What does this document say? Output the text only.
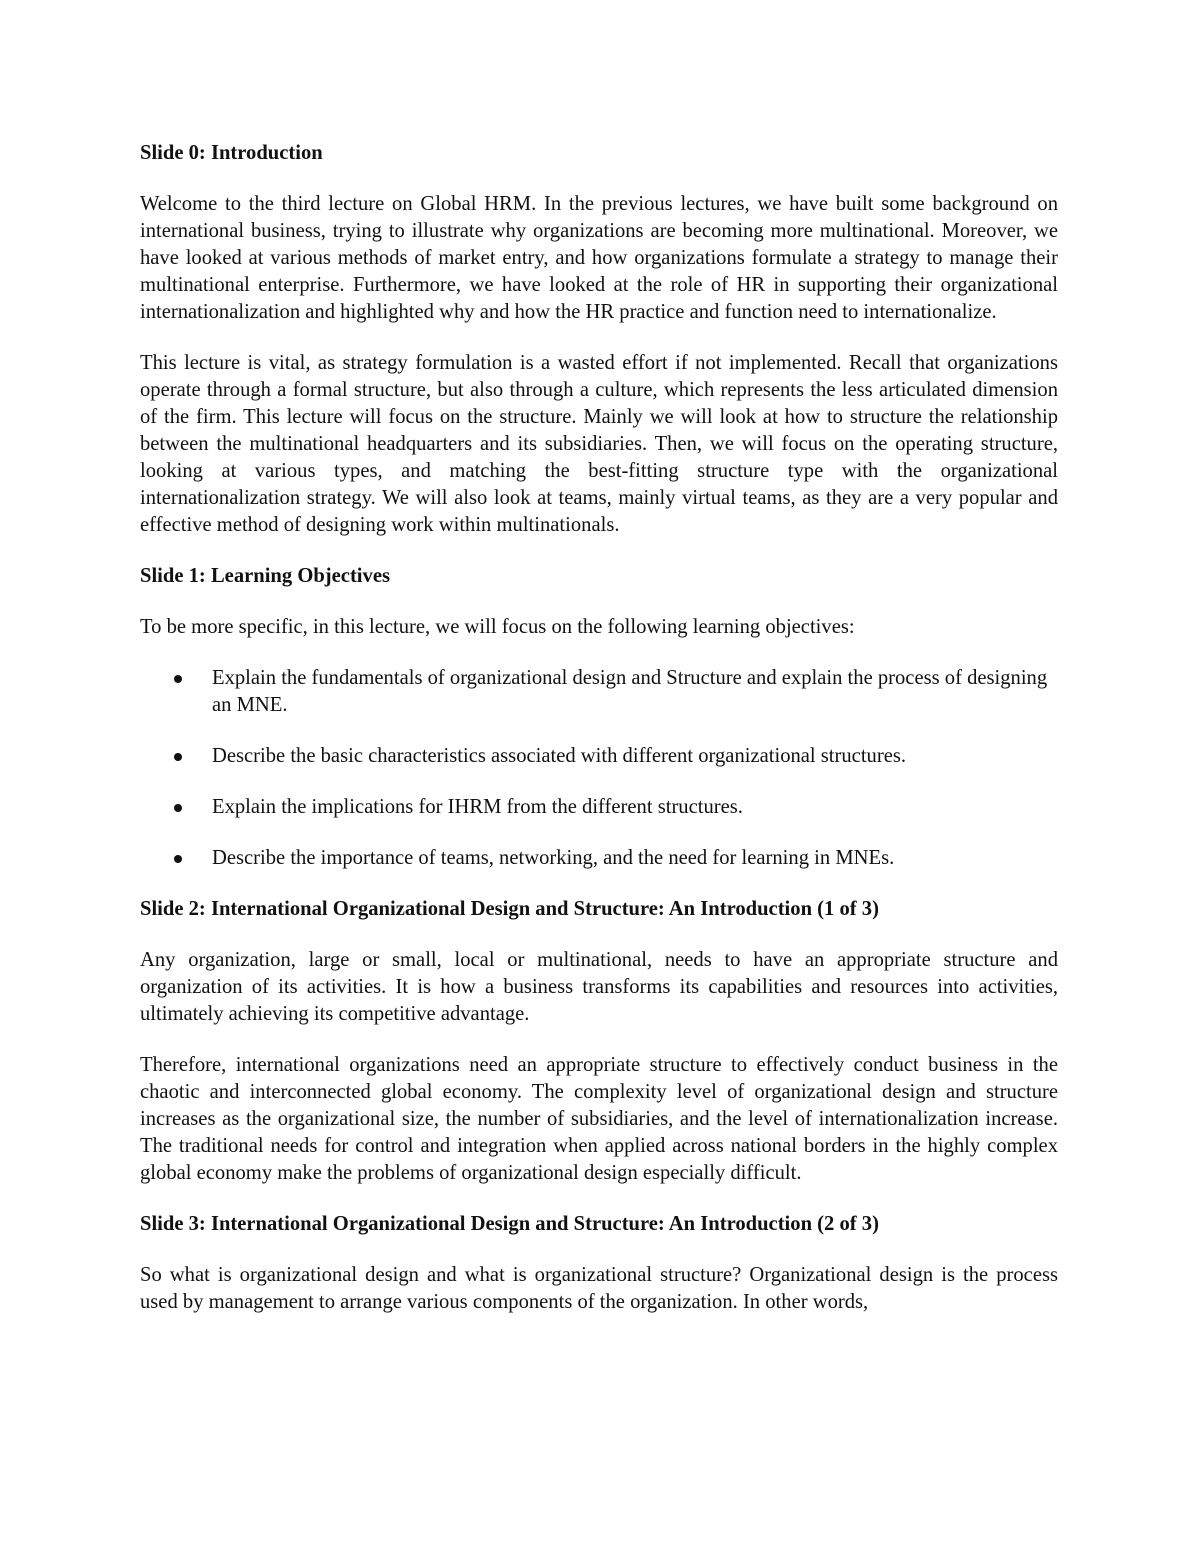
Slide 0: Introduction

Welcome to the third lecture on Global HRM. In the previous lectures, we have built some background on international business, trying to illustrate why organizations are becoming more multinational. Moreover, we have looked at various methods of market entry, and how organizations formulate a strategy to manage their multinational enterprise. Furthermore, we have looked at the role of HR in supporting their organizational internationalization and highlighted why and how the HR practice and function need to internationalize.

This lecture is vital, as strategy formulation is a wasted effort if not implemented. Recall that organizations operate through a formal structure, but also through a culture, which represents the less articulated dimension of the firm. This lecture will focus on the structure. Mainly we will look at how to structure the relationship between the multinational headquarters and its subsidiaries. Then, we will focus on the operating structure, looking at various types, and matching the best-fitting structure type with the organizational internationalization strategy. We will also look at teams, mainly virtual teams, as they are a very popular and effective method of designing work within multinationals.

Slide 1: Learning Objectives

To be more specific, in this lecture, we will focus on the following learning objectives:

Explain the fundamentals of organizational design and Structure and explain the process of designing an MNE.
Describe the basic characteristics associated with different organizational structures.
Explain the implications for IHRM from the different structures.
Describe the importance of teams, networking, and the need for learning in MNEs.
Slide 2: International Organizational Design and Structure: An Introduction (1 of 3)

Any organization, large or small, local or multinational, needs to have an appropriate structure and organization of its activities. It is how a business transforms its capabilities and resources into activities, ultimately achieving its competitive advantage.

Therefore, international organizations need an appropriate structure to effectively conduct business in the chaotic and interconnected global economy. The complexity level of organizational design and structure increases as the organizational size, the number of subsidiaries, and the level of internationalization increase. The traditional needs for control and integration when applied across national borders in the highly complex global economy make the problems of organizational design especially difficult.

Slide 3: International Organizational Design and Structure: An Introduction (2 of 3)

So what is organizational design and what is organizational structure? Organizational design is the process used by management to arrange various components of the organization. In other words,
